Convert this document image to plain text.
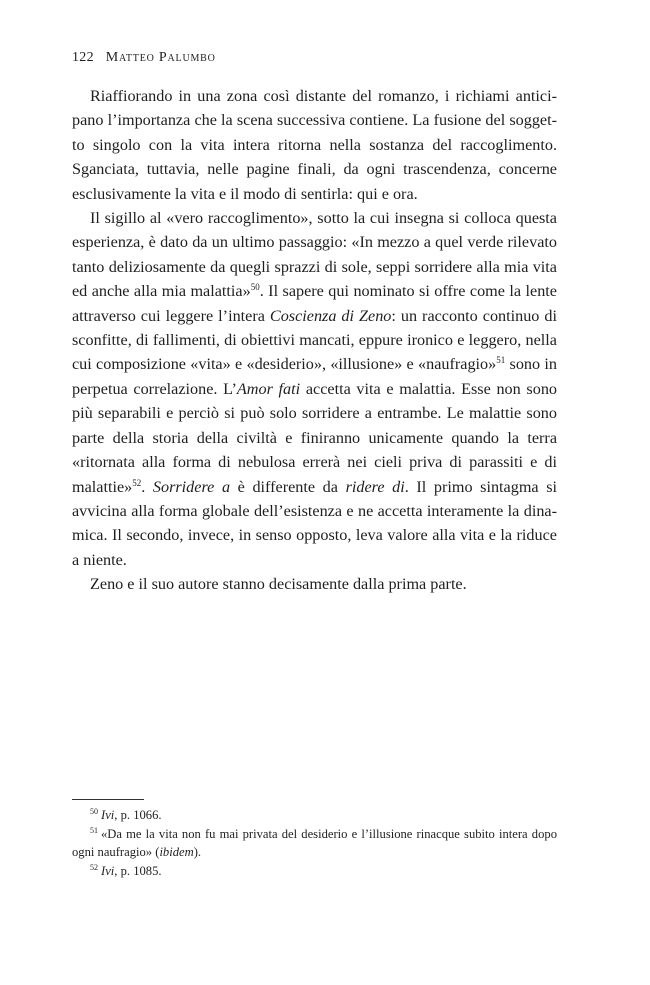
122 Matteo Palumbo

Riaffiorando in una zona così distante del romanzo, i richiami anticipano l’importanza che la scena successiva contiene. La fusione del soggetto singolo con la vita intera ritorna nella sostanza del raccoglimento. Sganciata, tuttavia, nelle pagine finali, da ogni trascendenza, concerne esclusivamente la vita e il modo di sentirla: qui e ora.

Il sigillo al «vero raccoglimento», sotto la cui insegna si colloca questa esperienza, è dato da un ultimo passaggio: «In mezzo a quel verde rilevato tanto deliziosamente da quegli sprazzi di sole, seppi sorridere alla mia vita ed anche alla mia malattia»$^{50}$. Il sapere qui nominato si offre come la lente attraverso cui leggere l’intera Coscienza di Zeno: un racconto continuo di sconfitte, di fallimenti, di obiettivi mancati, eppure ironico e leggero, nella cui composizione «vita» e «desiderio», «illusione» e «naufragio»$^{51}$ sono in perpetua correlazione. L’Amor fati accetta vita e malattia. Esse non sono più separabili e perciò si può solo sorridere a entrambe. Le malattie sono parte della storia della civiltà e finiranno unicamente quando la terra «ritornata alla forma di nebulosa errerà nei cieli priva di parassiti e di malattie»$^{52}$. Sorridere a è differente da ridere di. Il primo sintagma si avvicina alla forma globale dell’esistenza e ne accetta interamente la dinamica. Il secondo, invece, in senso opposto, leva valore alla vita e la riduce a niente.

Zeno e il suo autore stanno decisamente dalla prima parte.

$^{50}$ Ivi, p. 1066.

$^{51}$ «Da me la vita non fu mai privata del desiderio e l’illusione rinacque subito intera dopo ogni naufragio» (ibidem).

$^{52}$ Ivi, p. 1085.
